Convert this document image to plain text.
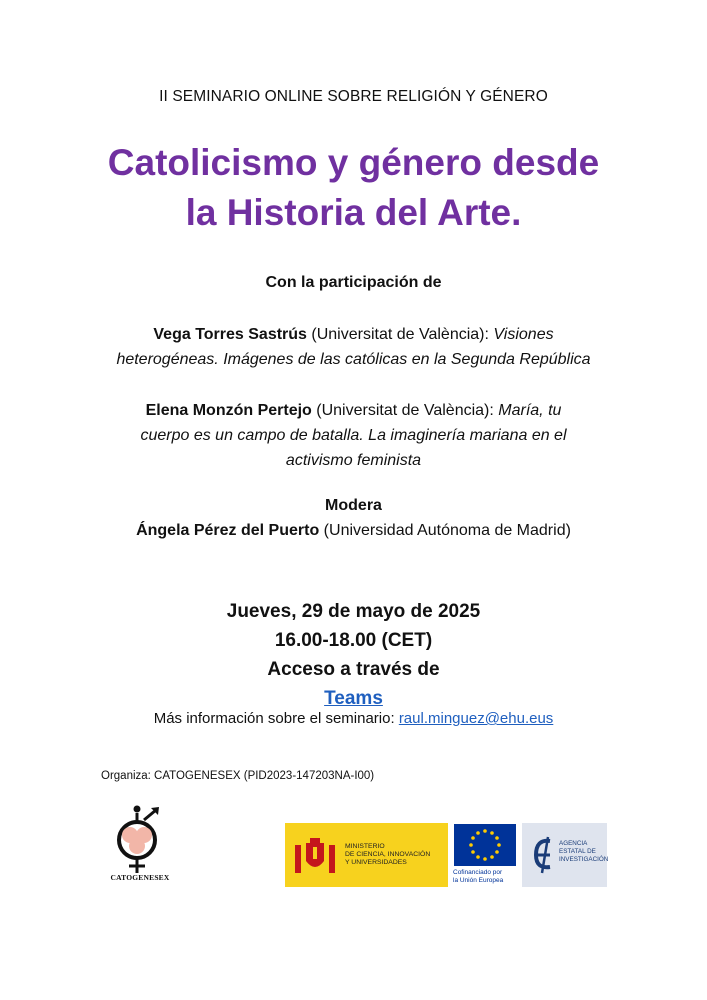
II SEMINARIO ONLINE SOBRE RELIGIÓN Y GÉNERO
Catolicismo y género desde
la Historia del Arte.
Con la participación de
Vega Torres Sastrús (Universitat de València): Visiones
heterogéneas. Imágenes de las católicas en la Segunda República
Elena Monzón Pertejo (Universitat de València): María, tu
cuerpo es un campo de batalla. La imaginería mariana en el
activismo feminista
Modera
Ángela Pérez del Puerto (Universidad Autónoma de Madrid)
Jueves, 29 de mayo de 2025
16.00-18.00 (CET)
Acceso a través de
Teams
Más información sobre el seminario: raul.minguez@ehu.eus
Organiza: CATOGENESEX (PID2023-147203NA-I00)
CATOGENESEX
MINISTERIO
DE CIENCIA, INNOVACIÓN
Y UNIVERSIDADES
Cofinanciado por
la Unión Europea
AGENCIA
ESTATAL DE
INVESTIGACIÓN
